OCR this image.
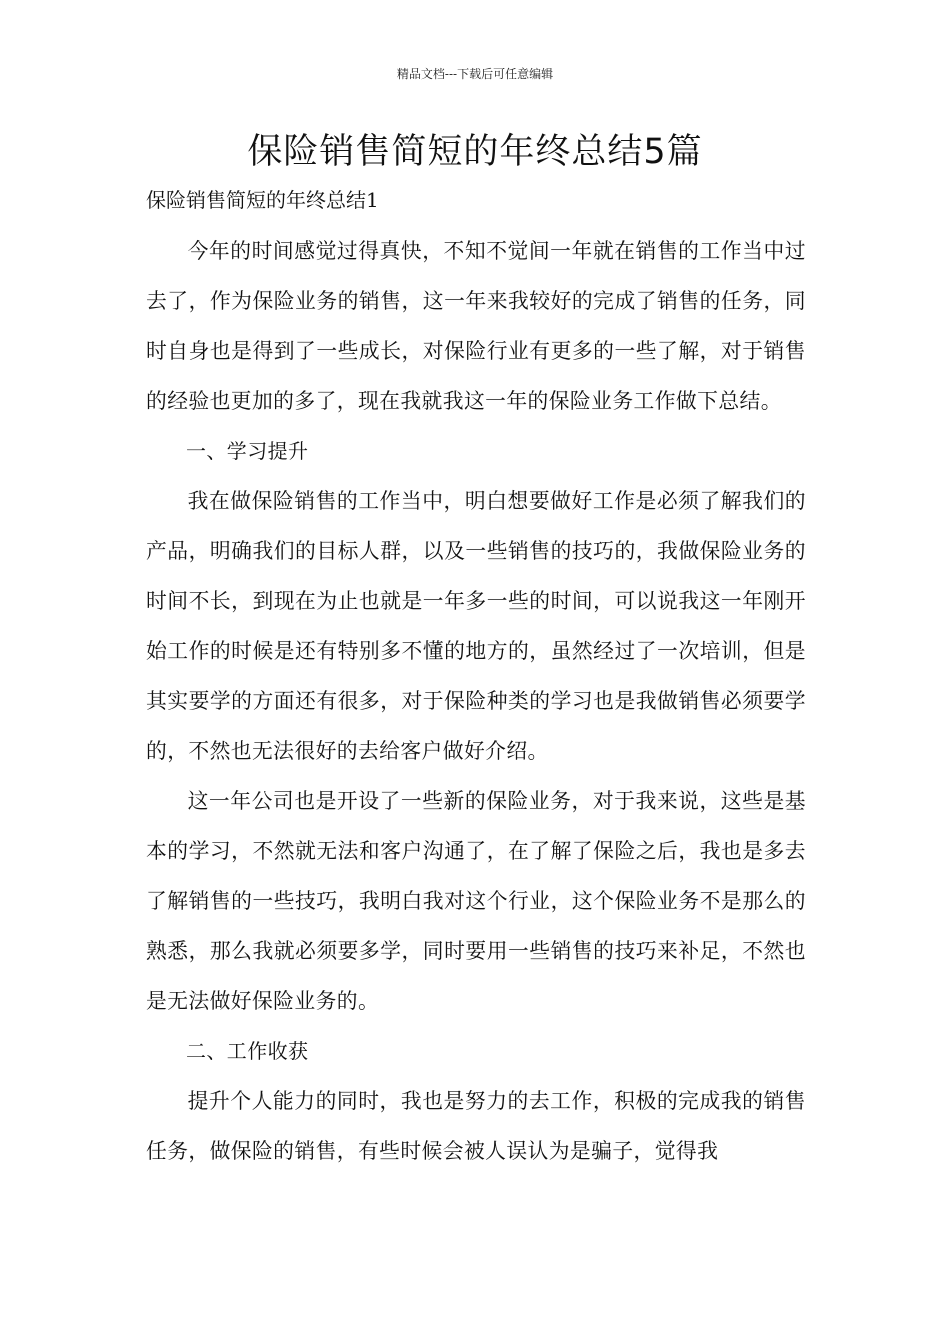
精品文档---下载后可任意编辑
保险销售简短的年终总结5篇

保险销售简短的年终总结1

今年的时间感觉过得真快，不知不觉间一年就在销售的工作当中过去了，作为保险业务的销售，这一年来我较好的完成了销售的任务，同时自身也是得到了一些成长，对保险行业有更多的一些了解，对于销售的经验也更加的多了，现在我就我这一年的保险业务工作做下总结。

一、学习提升

我在做保险销售的工作当中，明白想要做好工作是必须了解我们的产品，明确我们的目标人群，以及一些销售的技巧的，我做保险业务的时间不长，到现在为止也就是一年多一些的时间，可以说我这一年刚开始工作的时候是还有特别多不懂的地方的，虽然经过了一次培训，但是其实要学的方面还有很多，对于保险种类的学习也是我做销售必须要学的，不然也无法很好的去给客户做好介绍。

这一年公司也是开设了一些新的保险业务，对于我来说，这些是基本的学习，不然就无法和客户沟通了，在了解了保险之后，我也是多去了解销售的一些技巧，我明白我对这个行业，这个保险业务不是那么的熟悉，那么我就必须要多学，同时要用一些销售的技巧来补足，不然也是无法做好保险业务的。

二、工作收获

提升个人能力的同时，我也是努力的去工作，积极的完成我的销售任务，做保险的销售，有些时候会被人误认为是骗子，觉得我
